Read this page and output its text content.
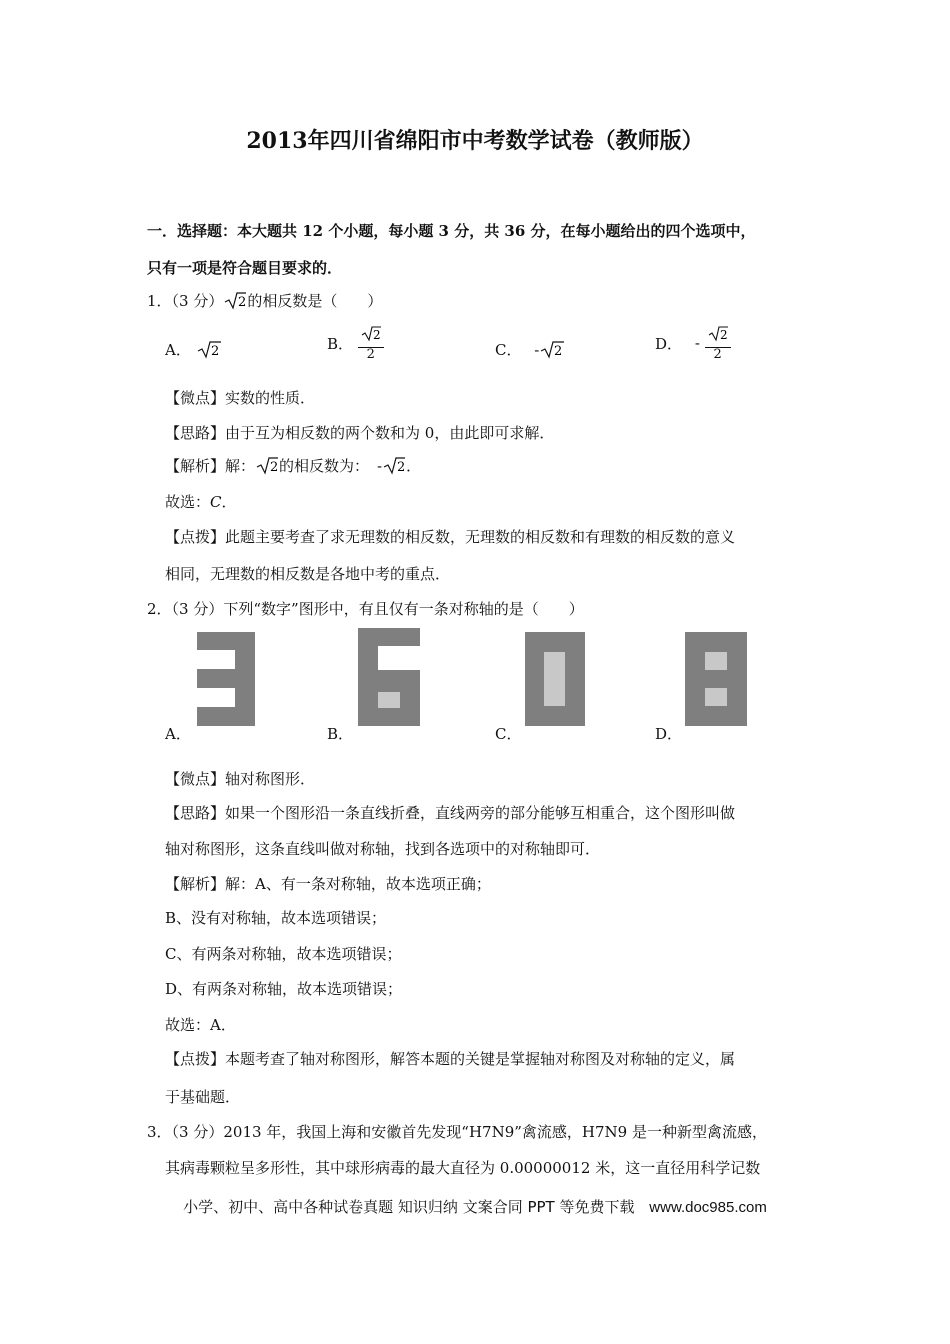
2013年四川省绵阳市中考数学试卷（教师版）
一．选择题：本大题共 12 个小题，每小题 3 分，共 36 分，在每小题给出的四个选项中，
只有一项是符合题目要求的．
1．（3 分） 2 的相反数是（　　）
A． 2	B． $\frac{2}{2}$	C． - 2	D． - $\frac{2}{2}$
【微点】实数的性质．
【思路】由于互为相反数的两个数和为 0，由此即可求解．
【解析】解： 2 的相反数为： - 2 ．
故选：C．
【点拨】此题主要考查了求无理数的相反数，无理数的相反数和有理数的相反数的意义
相同，无理数的相反数是各地中考的重点．
2．（3 分）下列“数字”图形中，有且仅有一条对称轴的是（　　）
A．	B．	C．	D．
【微点】轴对称图形．
【思路】如果一个图形沿一条直线折叠，直线两旁的部分能够互相重合，这个图形叫做
轴对称图形，这条直线叫做对称轴，找到各选项中的对称轴即可．
【解析】解：A、有一条对称轴，故本选项正确；
B、没有对称轴，故本选项错误；
C、有两条对称轴，故本选项错误；
D、有两条对称轴，故本选项错误；
故选：A．
【点拨】本题考查了轴对称图形，解答本题的关键是掌握轴对称图及对称轴的定义，属
于基础题．
3．（3 分）2013 年，我国上海和安徽首先发现“H7N9”禽流感，H7N9 是一种新型禽流感，
其病毒颗粒呈多形性，其中球形病毒的最大直径为 0.00000012 米，这一直径用科学记数
小学、初中、高中各种试卷真题 知识归纳 文案合同 PPT 等免费下载 www.doc985.com
